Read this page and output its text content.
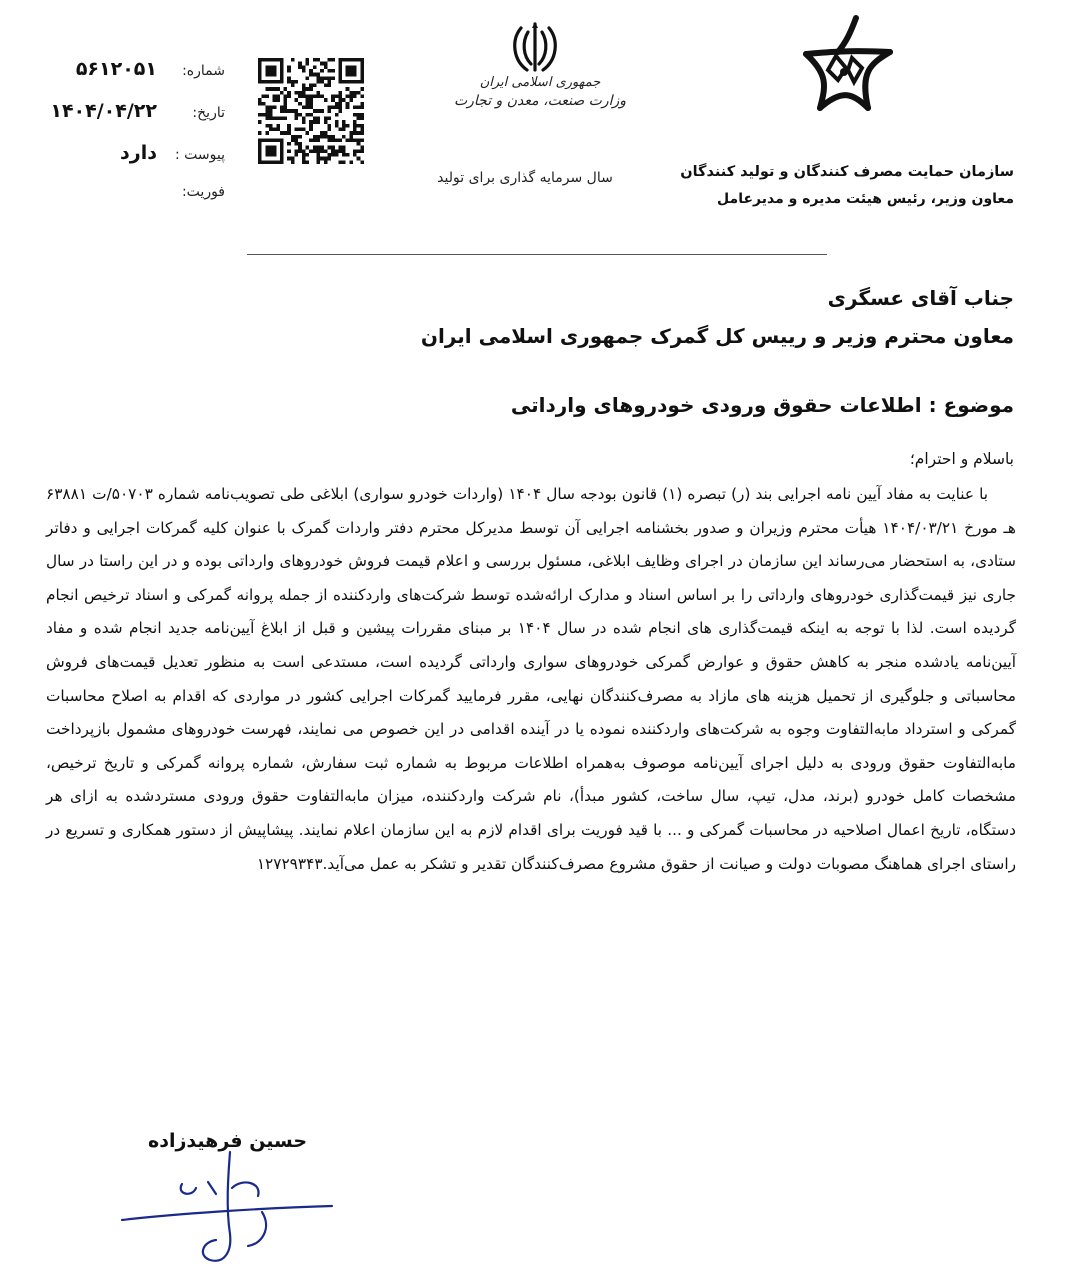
شماره:
۵۶۱۲۰۵۱
تاریخ:
۱۴۰۴/۰۴/۲۲
پیوست :
دارد
فوریت:
جمهوری اسلامی ایران
وزارت صنعت، معدن و تجارت
سال سرمایه گذاری برای تولید	سازمان حمایت مصرف کنندگان و تولید کنندگان
معاون وزیر، رئیس هیئت مدیره و مدیرعامل
جناب آقای عسگری
معاون محترم وزیر و رییس کل گمرک جمهوری اسلامی ایران
موضوع : اطلاعات حقوق ورودی خودروهای وارداتی
باسلام و احترام؛
با عنایت به مفاد آیین نامه اجرایی بند (ر) تبصره (۱) قانون بودجه سال ۱۴۰۴ (واردات خودرو سواری) ابلاغی طی تصویب‌نامه شماره ۵۰۷۰۳/ت ۶۳۸۸۱ هـ مورخ ۱۴۰۴/۰۳/۲۱ هیأت محترم وزیران و صدور بخشنامه اجرایی آن توسط مدیرکل محترم دفتر واردات گمرک با عنوان کلیه گمرکات اجرایی و دفاتر ستادی، به استحضار می‌رساند این سازمان در اجرای وظایف ابلاغی، مسئول بررسی و اعلام قیمت فروش خودروهای وارداتی بوده و در این راستا در سال جاری نیز قیمت‌گذاری خودروهای وارداتی را بر اساس اسناد و مدارک ارائه‌شده توسط شرکت‌های واردکننده از جمله پروانه گمرکی و اسناد ترخیص انجام گردیده است. لذا با توجه به اینکه قیمت‌گذاری های انجام شده در سال ۱۴۰۴ بر مبنای مقررات پیشین و قبل از ابلاغ آیین‌نامه جدید انجام شده و مفاد آیین‌نامه یادشده منجر به کاهش حقوق و عوارض گمرکی خودروهای سواری وارداتی گردیده است، مستدعی است به منظور تعدیل قیمت‌های فروش محاسباتی و جلوگیری از تحمیل هزینه های مازاد به مصرف‌کنندگان نهایی، مقرر فرمایید گمرکات اجرایی کشور در مواردی که اقدام به اصلاح محاسبات گمرکی و استرداد مابه‌التفاوت وجوه به شرکت‌های واردکننده نموده یا در آینده اقدامی در این خصوص می نمایند، فهرست خودروهای مشمول بازپرداخت مابه‌التفاوت حقوق ورودی به دلیل اجرای آیین‌نامه موصوف به‌همراه اطلاعات مربوط به شماره ثبت سفارش، شماره پروانه گمرکی و تاریخ ترخیص، مشخصات کامل خودرو (برند، مدل، تیپ، سال ساخت، کشور مبدأ)، نام شرکت واردکننده، میزان مابه‌التفاوت حقوق ورودی مستردشده به ازای هر دستگاه، تاریخ اعمال اصلاحیه در محاسبات گمرکی و ... با قید فوریت برای اقدام لازم به این سازمان اعلام نمایند. پیشاپیش از دستور همکاری و تسریع در راستای اجرای هماهنگ مصوبات دولت و صیانت از حقوق مشروع مصرف‌کنندگان تقدیر و تشکر به عمل می‌آید.۱۲۷۲۹۳۴۳
حسین فرهیدزاده
